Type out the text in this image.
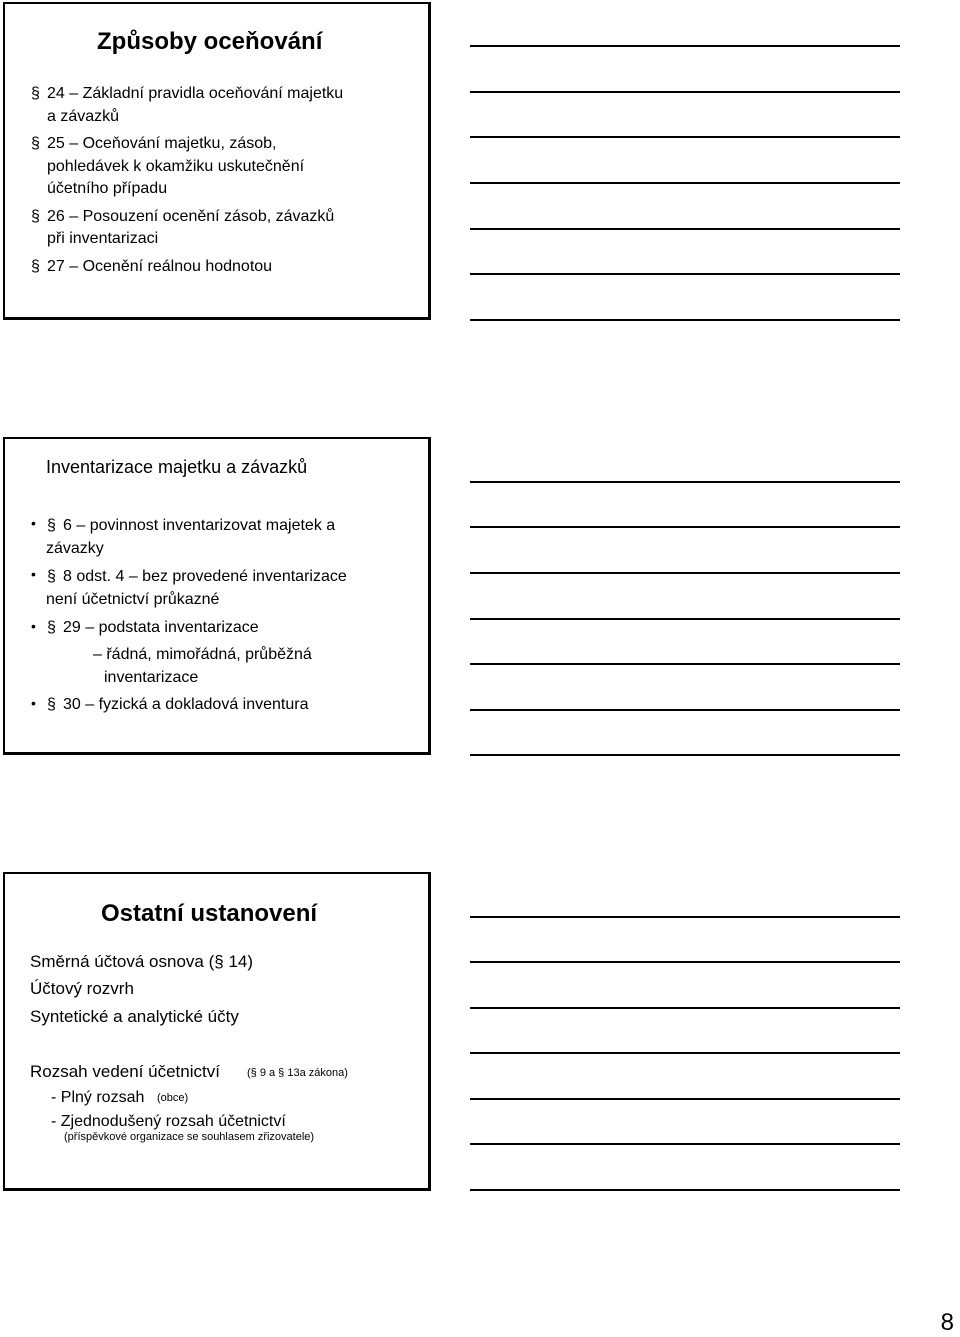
Způsoby oceňování
§ 24 – Základní pravidla oceňování majetku
a závazků
§ 25 – Oceňování majetku, zásob,
pohledávek k okamžiku uskutečnění
účetního případu
§ 26 – Posouzení ocenění zásob, závazků
při inventarizaci
§ 27 – Ocenění reálnou hodnotou
Inventarizace majetku a závazků
• § 6 – povinnost inventarizovat majetek a
závazky
• § 8 odst. 4 – bez provedené inventarizace
není účetnictví průkazné
• § 29 – podstata inventarizace
– řádná, mimořádná, průběžná
inventarizace
• § 30 – fyzická a dokladová inventura
Ostatní ustanovení
Směrná účtová osnova (§ 14)
Účtový rozvrh
Syntetické a analytické účty
Rozsah vedení účetnictví (§ 9 a § 13a zákona)
- Plný rozsah (obce)
- Zjednodušený rozsah účetnictví
(příspěvkové organizace se souhlasem zřizovatele)
8
